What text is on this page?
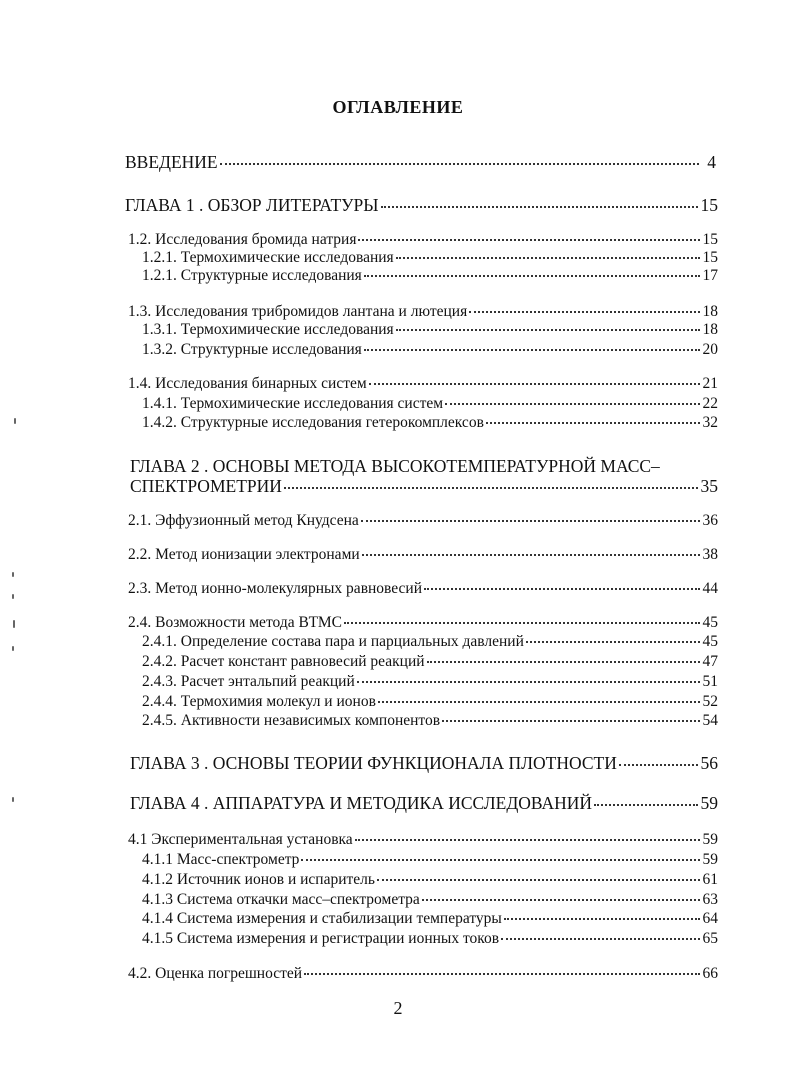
ОГЛАВЛЕНИЕ
ВВЕДЕНИЕ	4
ГЛАВА 1 . ОБЗОР ЛИТЕРАТУРЫ	15
1.2. Исследования бромида натрия	15
1.2.1. Термохимические исследования	15
1.2.1. Структурные исследования	17
1.3. Исследования трибромидов лантана и лютеция	18
1.3.1. Термохимические исследования	18
1.3.2. Структурные исследования	20
1.4. Исследования бинарных систем	21
1.4.1. Термохимические исследования систем	22
1.4.2. Структурные исследования гетерокомплексов	32
ГЛАВА 2 . ОСНОВЫ МЕТОДА ВЫСОКОТЕМПЕРАТУРНОЙ МАСС–
СПЕКТРОМЕТРИИ	35
2.1. Эффузионный метод Кнудсена	36
2.2. Метод ионизации электронами	38
2.3. Метод ионно-молекулярных равновесий	44
2.4. Возможности метода ВТМС	45
2.4.1. Определение состава пара и парциальных давлений	45
2.4.2. Расчет констант равновесий реакций	47
2.4.3. Расчет энтальпий реакций	51
2.4.4. Термохимия молекул и ионов	52
2.4.5. Активности независимых компонентов	54
ГЛАВА 3 . ОСНОВЫ ТЕОРИИ ФУНКЦИОНАЛА ПЛОТНОСТИ	56
ГЛАВА 4 . АППАРАТУРА И МЕТОДИКА ИССЛЕДОВАНИЙ	59
4.1 Экспериментальная установка	59
4.1.1 Масс-спектрометр	59
4.1.2 Источник ионов и испаритель	61
4.1.3 Система откачки масс–спектрометра	63
4.1.4 Система измерения и стабилизации температуры	64
4.1.5 Система измерения и регистрации ионных токов	65
4.2. Оценка погрешностей	66
2
